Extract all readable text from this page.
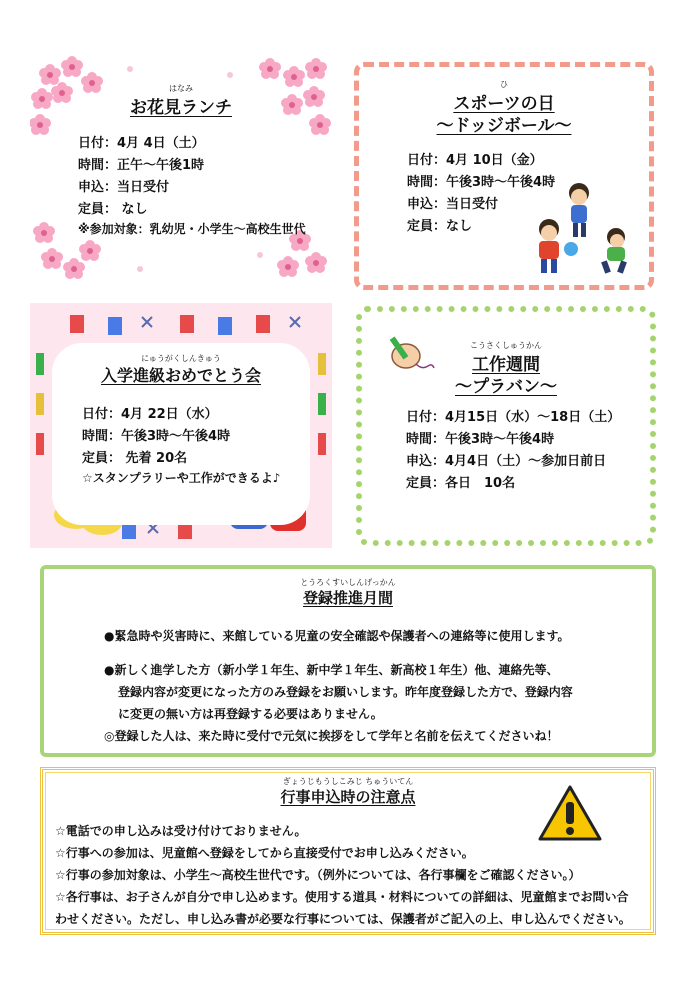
はなみ
お花見ランチ
日付：4月 4日（土）
時間：正午～午後1時
申込：当日受付
定員： なし
※参加対象：乳幼児・小学生～高校生世代
ひ
スポーツの日
～ドッジボール～
日付：4月 10日（金）
時間：午後3時～午後4時
申込：当日受付
定員：なし
にゅうがくしんきゅう
入学進級おめでとう会
日付：4月 22日（水）
時間：午後3時～午後4時
定員： 先着 20名
☆スタンプラリーや工作ができるよ♪
こうさくしゅうかん
工作週間
～プラバン～
日付：4月15日（水）～18日（土）
時間：午後3時～午後4時
申込：4月4日（土）～参加日前日
定員：各日　10名
とうろくすいしんげっかん
登録推進月間
●緊急時や災害時に、来館している児童の安全確認や保護者への連絡等に使用します。
●新しく進学した方（新小学１年生、新中学１年生、新高校１年生）他、連絡先等、
登録内容が変更になった方のみ登録をお願いします。昨年度登録した方で、登録内容
に変更の無い方は再登録する必要はありません。
◎登録した人は、来た時に受付で元気に挨拶をして学年と名前を伝えてくださいね！
ぎょうじもうしこみじ ちゅういてん
行事申込時の注意点
☆電話での申し込みは受け付けておりません。
☆行事への参加は、児童館へ登録をしてから直接受付でお申し込みください。
☆行事の参加対象は、小学生～高校生世代です。（例外については、各行事欄をご確認ください。）
☆各行事は、お子さんが自分で申し込めます。使用する道具・材料についての詳細は、児童館までお問い合
わせください。ただし、申し込み書が必要な行事については、保護者がご記入の上、申し込んでください。
